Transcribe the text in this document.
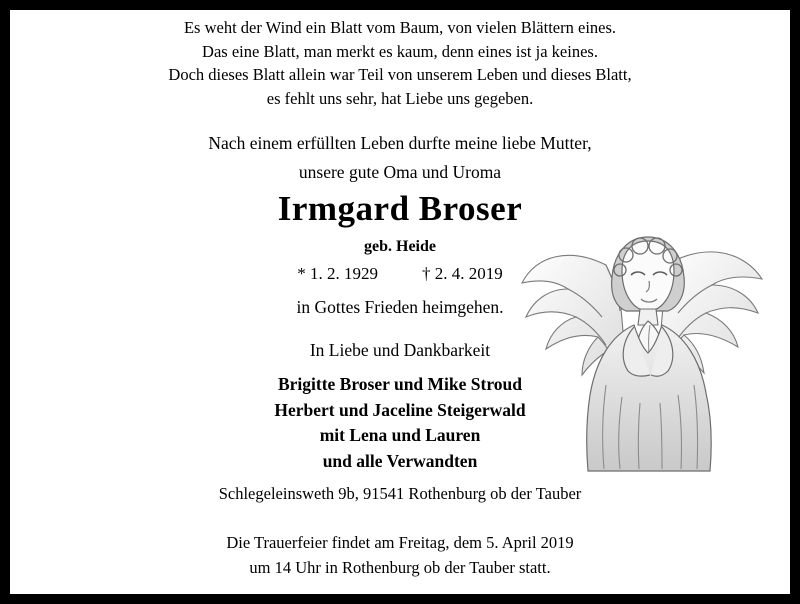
Es weht der Wind ein Blatt vom Baum, von vielen Blättern eines.
Das eine Blatt, man merkt es kaum, denn eines ist ja keines.
Doch dieses Blatt allein war Teil von unserem Leben und dieses Blatt,
es fehlt uns sehr, hat Liebe uns gegeben.
Nach einem erfüllten Leben durfte meine liebe Mutter,
unsere gute Oma und Uroma
Irmgard Broser
geb. Heide
* 1. 2. 1929	† 2. 4. 2019
in Gottes Frieden heimgehen.
In Liebe und Dankbarkeit
Brigitte Broser und Mike Stroud
Herbert und Jaceline Steigerwald
mit Lena und Lauren
und alle Verwandten
Schlegeleinsweth 9b, 91541 Rothenburg ob der Tauber
Die Trauerfeier findet am Freitag, dem 5. April 2019
um 14 Uhr in Rothenburg ob der Tauber statt.
